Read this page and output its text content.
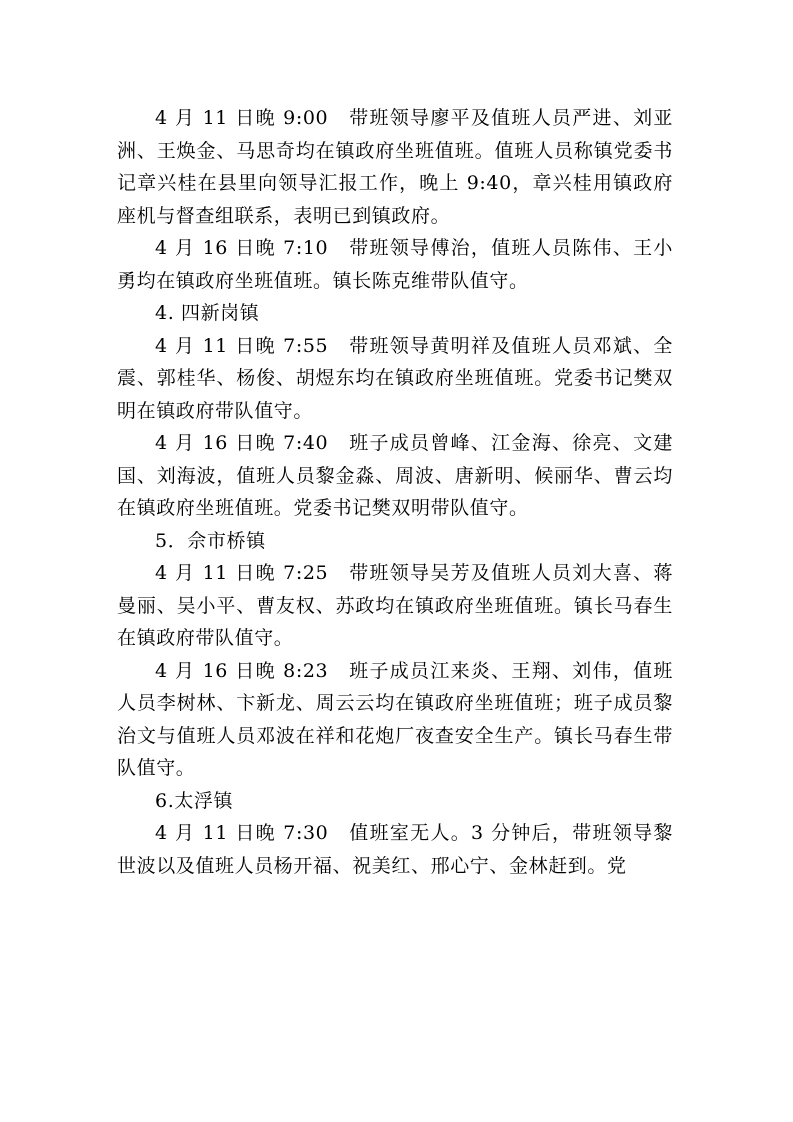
4 月 11 日晚 9:00　带班领导廖平及值班人员严进、刘亚洲、王焕金、马思奇均在镇政府坐班值班。值班人员称镇党委书记章兴桂在县里向领导汇报工作，晚上 9:40，章兴桂用镇政府座机与督查组联系，表明已到镇政府。

4 月 16 日晚 7:10　带班领导傅治，值班人员陈伟、王小勇均在镇政府坐班值班。镇长陈克维带队值守。

4. 四新岗镇

4 月 11 日晚 7:55　带班领导黄明祥及值班人员邓斌、全震、郭桂华、杨俊、胡煜东均在镇政府坐班值班。党委书记樊双明在镇政府带队值守。

4 月 16 日晚 7:40　班子成员曾峰、江金海、徐亮、文建国、刘海波，值班人员黎金淼、周波、唐新明、候丽华、曹云均在镇政府坐班值班。党委书记樊双明带队值守。

5．佘市桥镇

4 月 11 日晚 7:25　带班领导吴芳及值班人员刘大喜、蒋曼丽、吴小平、曹友权、苏政均在镇政府坐班值班。镇长马春生在镇政府带队值守。

4 月 16 日晚 8:23　班子成员江来炎、王翔、刘伟，值班人员李树林、卞新龙、周云云均在镇政府坐班值班；班子成员黎治文与值班人员邓波在祥和花炮厂夜查安全生产。镇长马春生带队值守。

6.太浮镇

4 月 11 日晚 7:30　值班室无人。3 分钟后，带班领导黎世波以及值班人员杨开福、祝美红、邢心宁、金林赶到。党
